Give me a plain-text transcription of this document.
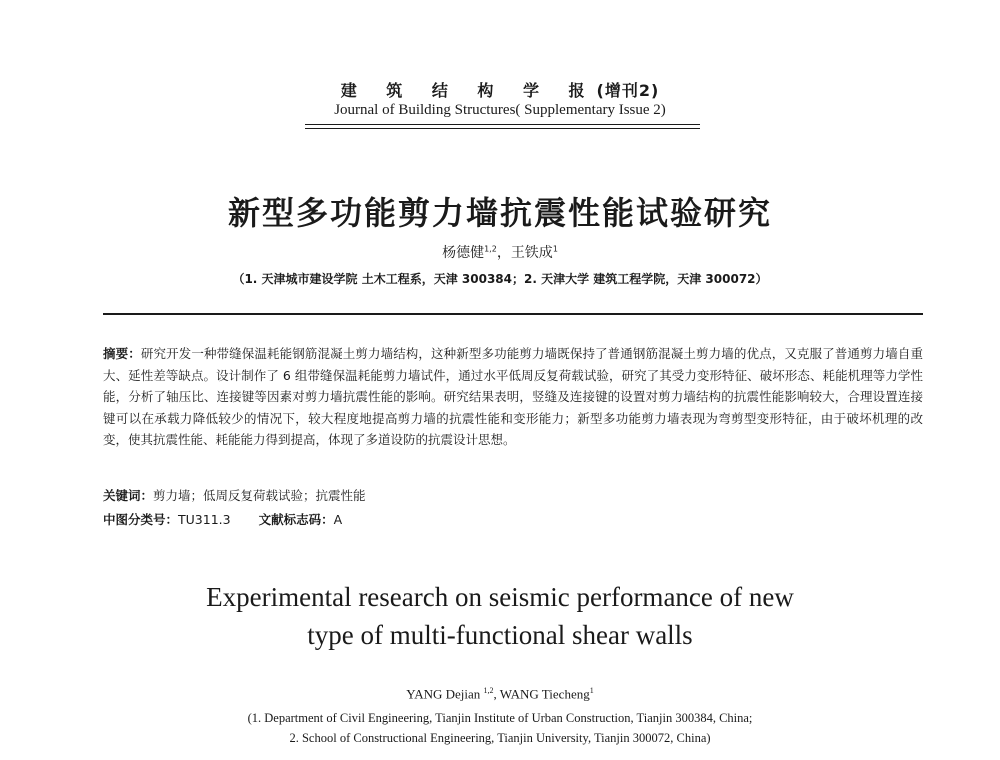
建 筑 结 构 学 报(增刊2)
Journal of Building Structures( Supplementary Issue 2)
新型多功能剪力墙抗震性能试验研究
杨德健$^{1,2}$，王铁成$^1$
（1. 天津城市建设学院 土木工程系，天津 300384；2. 天津大学 建筑工程学院，天津 300072）
摘要：研究开发一种带缝保温耗能钢筋混凝土剪力墙结构，这种新型多功能剪力墙既保持了普通钢筋混凝土剪力墙的优点，又克服了普通剪力墙自重大、延性差等缺点。设计制作了 6 组带缝保温耗能剪力墙试件，通过水平低周反复荷载试验，研究了其受力变形特征、破坏形态、耗能机理等力学性能，分析了轴压比、连接键等因素对剪力墙抗震性能的影响。研究结果表明，竖缝及连接键的设置对剪力墙结构的抗震性能影响较大，合理设置连接键可以在承载力降低较少的情况下，较大程度地提高剪力墙的抗震性能和变形能力；新型多功能剪力墙表现为弯剪型变形特征，由于破坏机理的改变，使其抗震性能、耗能能力得到提高，体现了多道设防的抗震设计思想。
关键词：剪力墙；低周反复荷载试验；抗震性能
中图分类号：TU311.3 文献标志码：A
Experimental research on seismic performance of new
type of multi-functional shear walls
YANG Dejian $^{1,2}$, WANG Tiecheng$^1$
(1. Department of Civil Engineering, Tianjin Institute of Urban Construction, Tianjin 300384, China;
2. School of Constructional Engineering, Tianjin University, Tianjin 300072, China)
